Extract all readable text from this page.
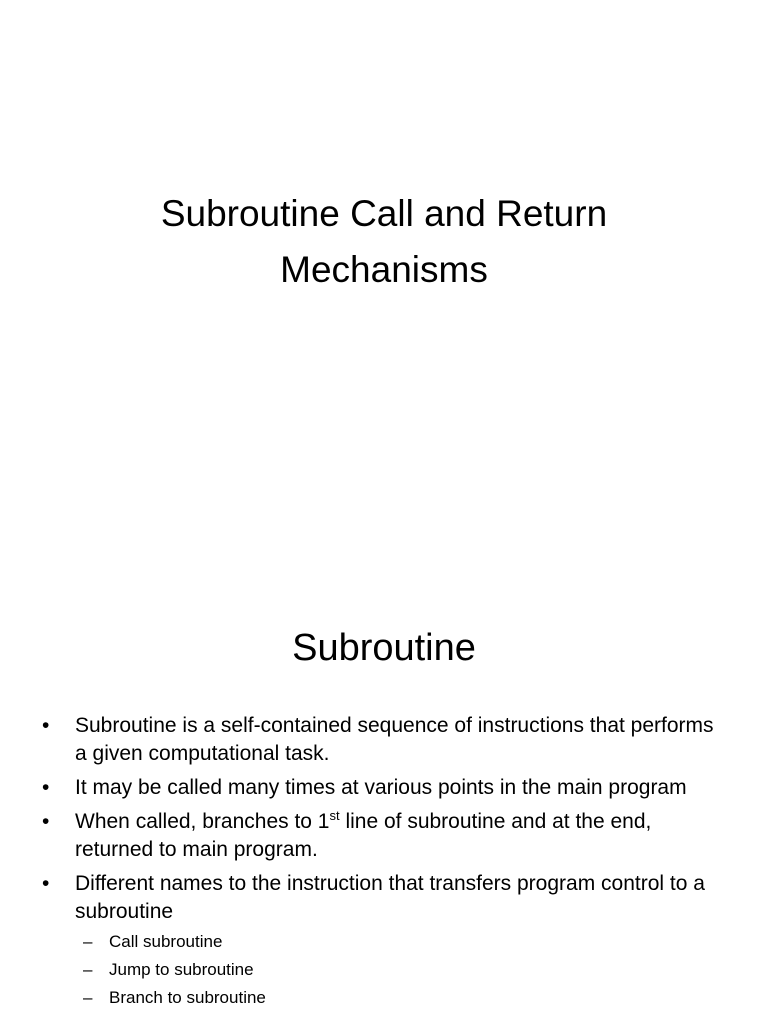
Subroutine Call and Return Mechanisms
Subroutine
• Subroutine is a self-contained sequence of instructions that performs a given computational task.
• It may be called many times at various points in the main program
• When called, branches to 1st line of subroutine and at the end, returned to main program.
• Different names to the instruction that transfers program control to a subroutine
– Call subroutine
– Jump to subroutine
– Branch to subroutine
